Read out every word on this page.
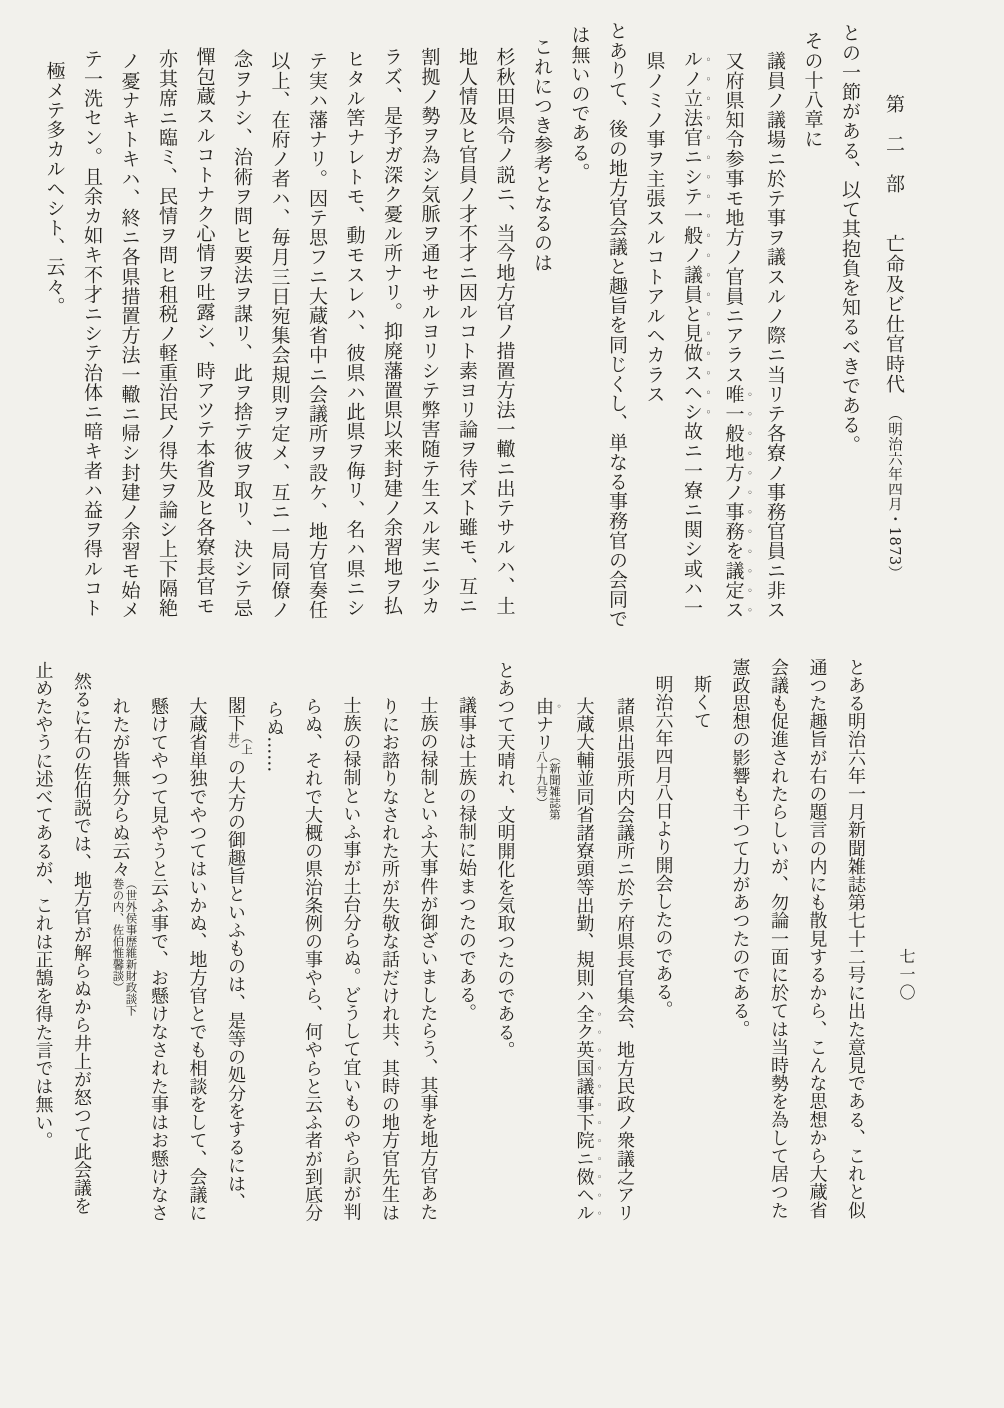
第　二　部　　亡命及ビ仕官時代　（明治六年四月・1873）
七一〇
との一節がある、以て其抱負を知るべきである。
その十八章に
議員ノ議場ニ於テ事ヲ議スルノ際ニ当リテ各寮ノ事務官員ニ非ス
又府県知令参事モ地方ノ官員ニアラス唯一般地方ノ事務を議定ス
ルノ立法官ニシテ一般ノ議員と見做スヘシ故ニ一寮ニ関シ或ハ一
県ノミノ事ヲ主張スルコトアルヘカラス
とありて、後の地方官会議と趣旨を同じくし、単なる事務官の会同で
は無いのである。
これにつき参考となるのは
杉秋田県令ノ説ニ、当今地方官ノ措置方法一轍ニ出テサルハ、土
地人情及ヒ官員ノ才不才ニ因ルコト素ヨリ論ヲ待ズト雖モ、互ニ
割拠ノ勢ヲ為シ気脈ヲ通セサルヨリシテ弊害随テ生スル実ニ少カ
ラズ、是予ガ深ク憂ル所ナリ。抑廃藩置県以来封建ノ余習地ヲ払
ヒタル筈ナレトモ、動モスレハ、彼県ハ此県ヲ侮リ、名ハ県ニシ
テ実ハ藩ナリ。因テ思フニ大蔵省中ニ会議所ヲ設ケ、地方官奏任
以上、在府ノ者ハ、毎月三日宛集会規則ヲ定メ、互ニ一局同僚ノ
念ヲナシ、治術ヲ問ヒ要法ヲ謀リ、此ヲ捨テ彼ヲ取リ、決シテ忌
憚包蔵スルコトナク心情ヲ吐露シ、時アツテ本省及ヒ各寮長官モ
亦其席ニ臨ミ、民情ヲ問ヒ租税ノ軽重治民ノ得失ヲ論シ上下隔絶
ノ憂ナキトキハ、終ニ各県措置方法一轍ニ帰シ封建ノ余習モ始メ
テ一洗セン。且余カ如キ不才ニシテ治体ニ暗キ者ハ益ヲ得ルコト
極メテ多カルヘシト、云々。
とある明治六年一月新聞雑誌第七十二号に出た意見である、これと似
通つた趣旨が右の題言の内にも散見するから、こんな思想から大蔵省
会議も促進されたらしいが、勿論一面に於ては当時勢を為して居つた
憲政思想の影響も干つて力があつたのである。
斯くて
明治六年四月八日より開会したのである。
諸県出張所内会議所ニ於テ府県長官集会、地方民政ノ衆議之アリ
大蔵大輔並同省諸寮頭等出勤、規則ハ全ク英国議事下院ニ傚ヘル
由ナリ（新聞雑誌第八十九号）
とあつて天晴れ、文明開化を気取つたのである。
議事は士族の禄制に始まつたのである。
士族の禄制といふ大事件が御ざいましたらう、其事を地方官あた
りにお諮りなされた所が失敬な話だけれ共、其時の地方官先生は
士族の禄制といふ事が土台分らぬ。どうして宜いものやら訳が判
らぬ、それで大概の県治条例の事やら、何やらと云ふ者が到底分
らぬ……
閣下（上井）の大方の御趣旨といふものは、是等の処分をするには、
大蔵省単独でやつてはいかぬ、地方官とでも相談をして、会議に
懸けてやつて見やうと云ふ事で、お懸けなされた事はお懸けなさ
れたが皆無分らぬ云々（世外侯事歴維新財政談下巻の内、佐伯惟馨談）
然るに右の佐伯説では、地方官が解らぬから井上が怒つて此会議を
止めたやうに述べてあるが、これは正鵠を得た言では無い。
